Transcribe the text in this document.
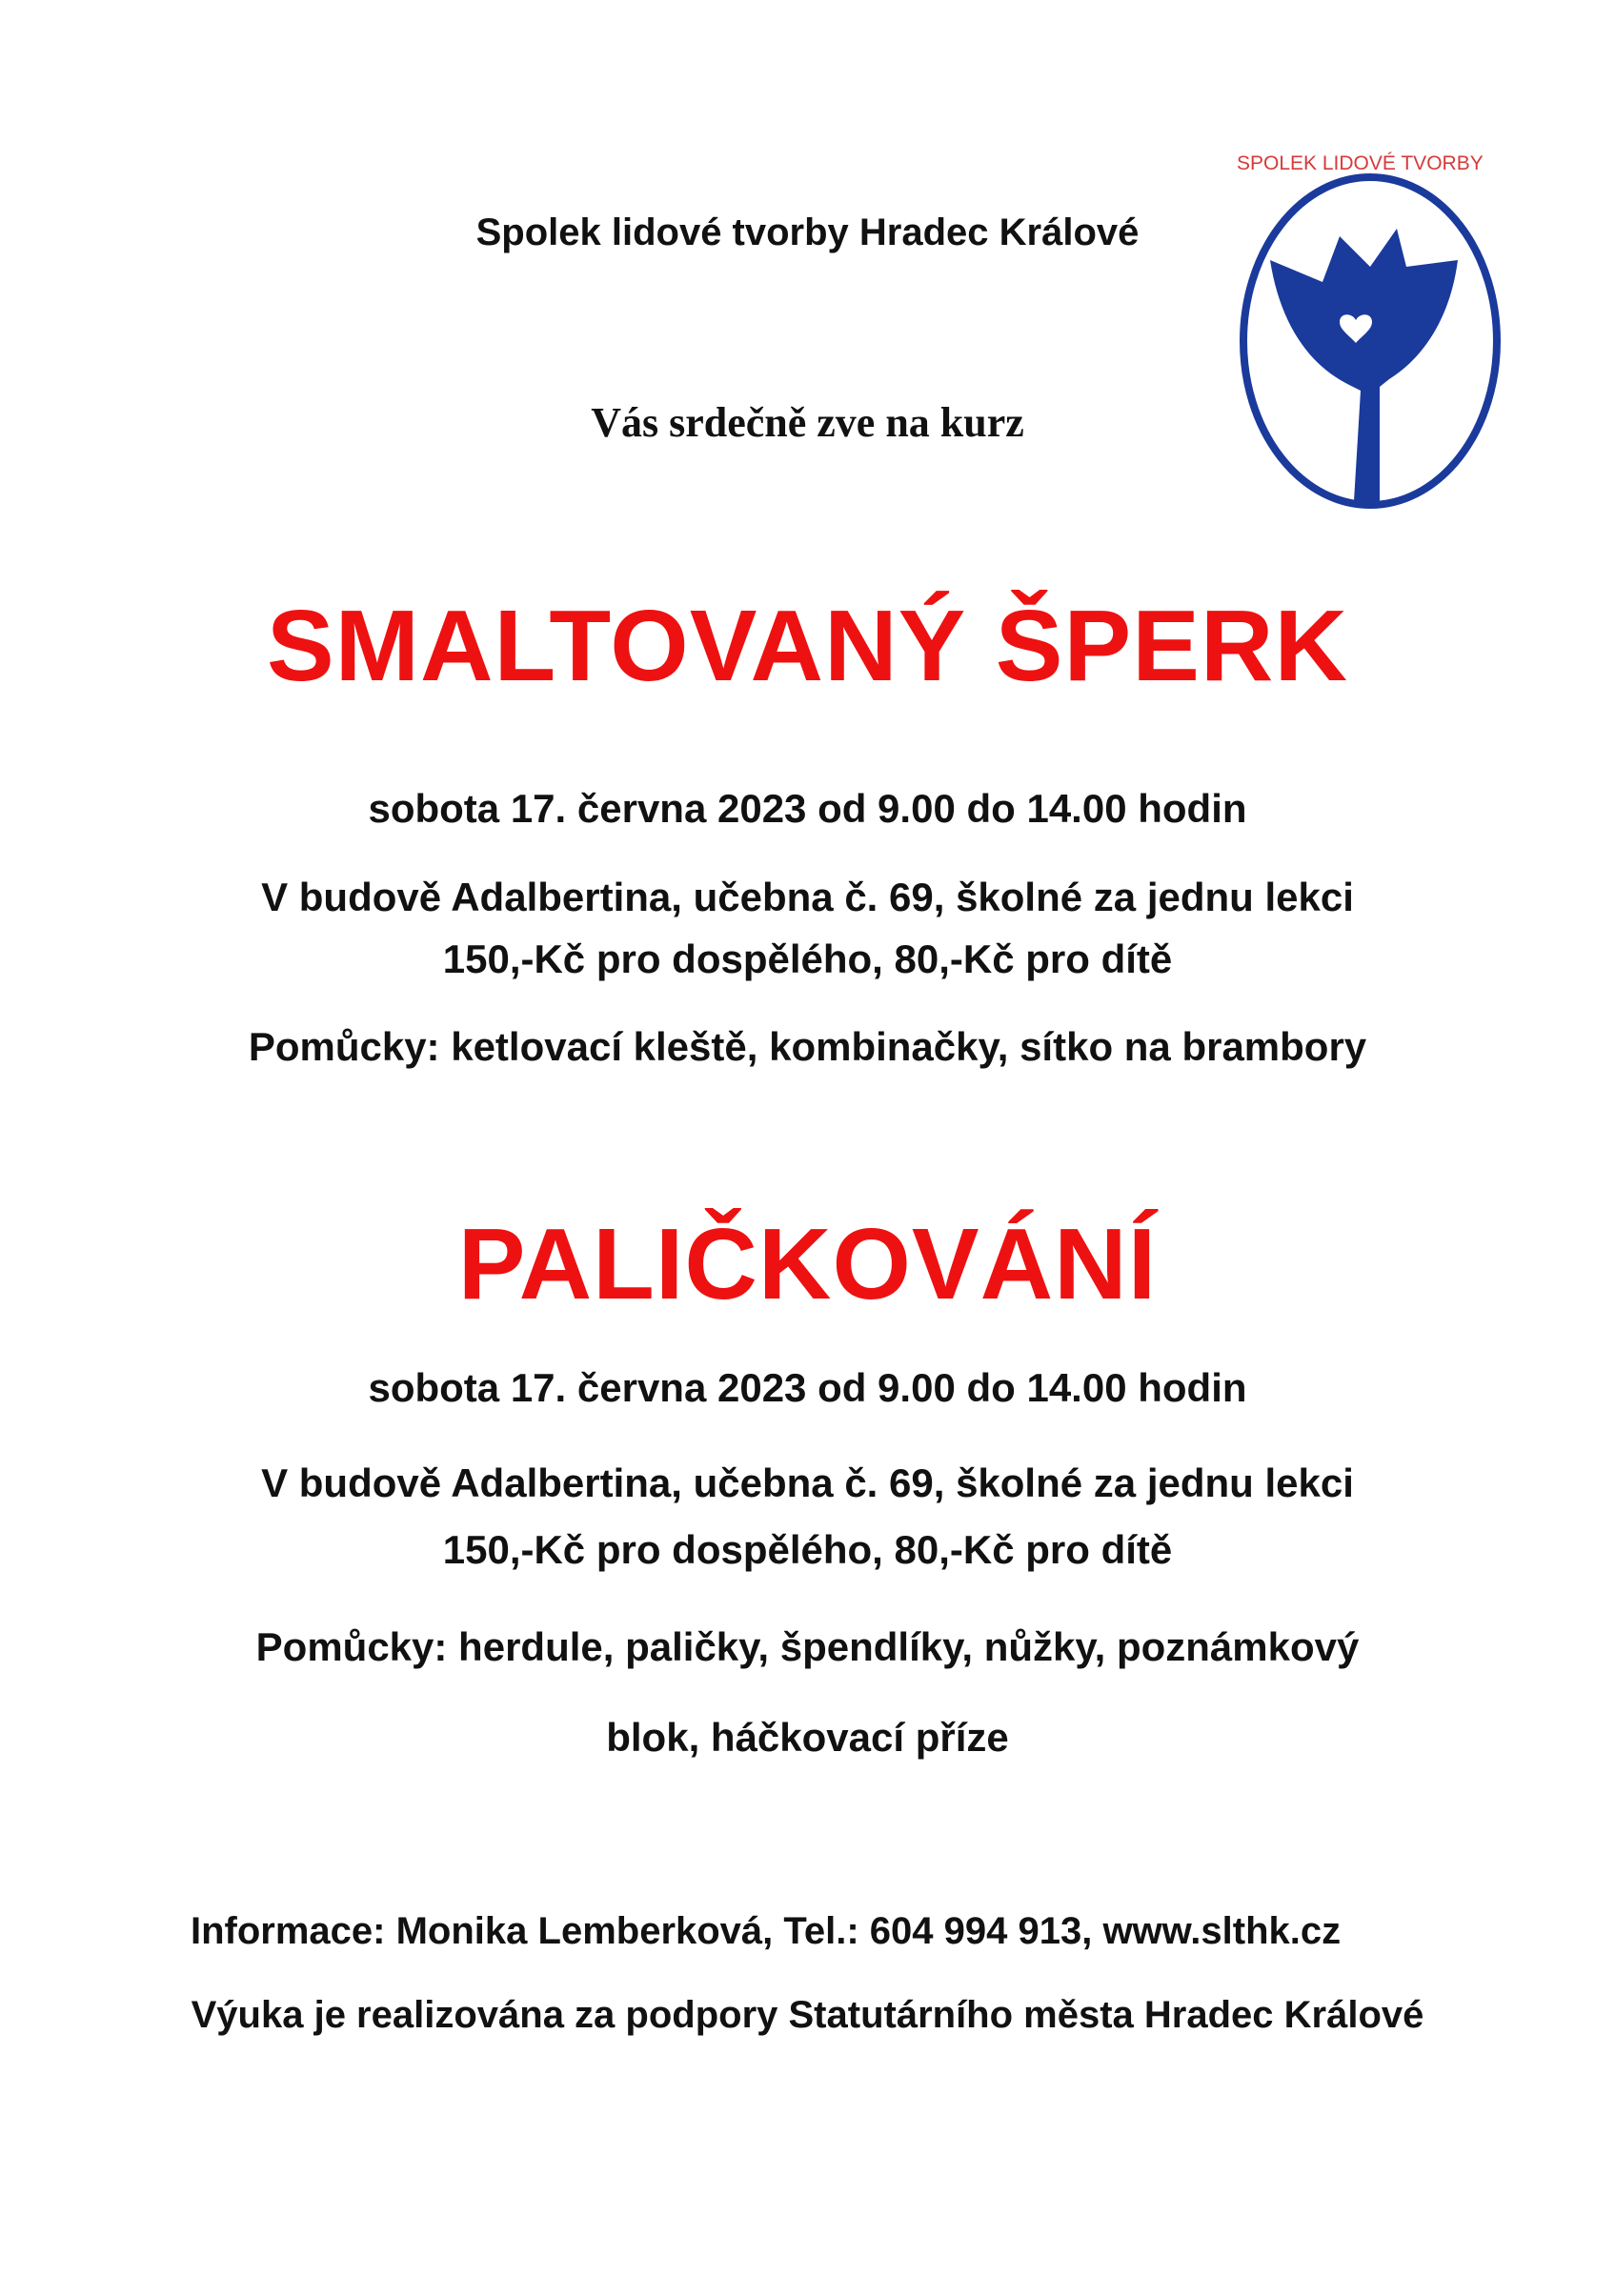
Spolek lidové tvorby Hradec Králové
Vás srdečně zve na kurz
SPOLEK LIDOVÉ TVORBY
SMALTOVANÝ ŠPERK
sobota 17. června 2023 od 9.00 do 14.00 hodin
V budově Adalbertina, učebna č. 69, školné za jednu lekci
150,-Kč pro dospělého, 80,-Kč pro dítě
Pomůcky: ketlovací kleště, kombinačky, sítko na brambory
PALIČKOVÁNÍ
sobota 17. června 2023 od 9.00 do 14.00 hodin
V budově Adalbertina, učebna č. 69, školné za jednu lekci
150,-Kč pro dospělého, 80,-Kč pro dítě
Pomůcky: herdule, paličky, špendlíky, nůžky, poznámkový
blok, háčkovací příze
Informace: Monika Lemberková, Tel.: 604 994 913, www.slthk.cz
Výuka je realizována za podpory Statutárního města Hradec Králové
